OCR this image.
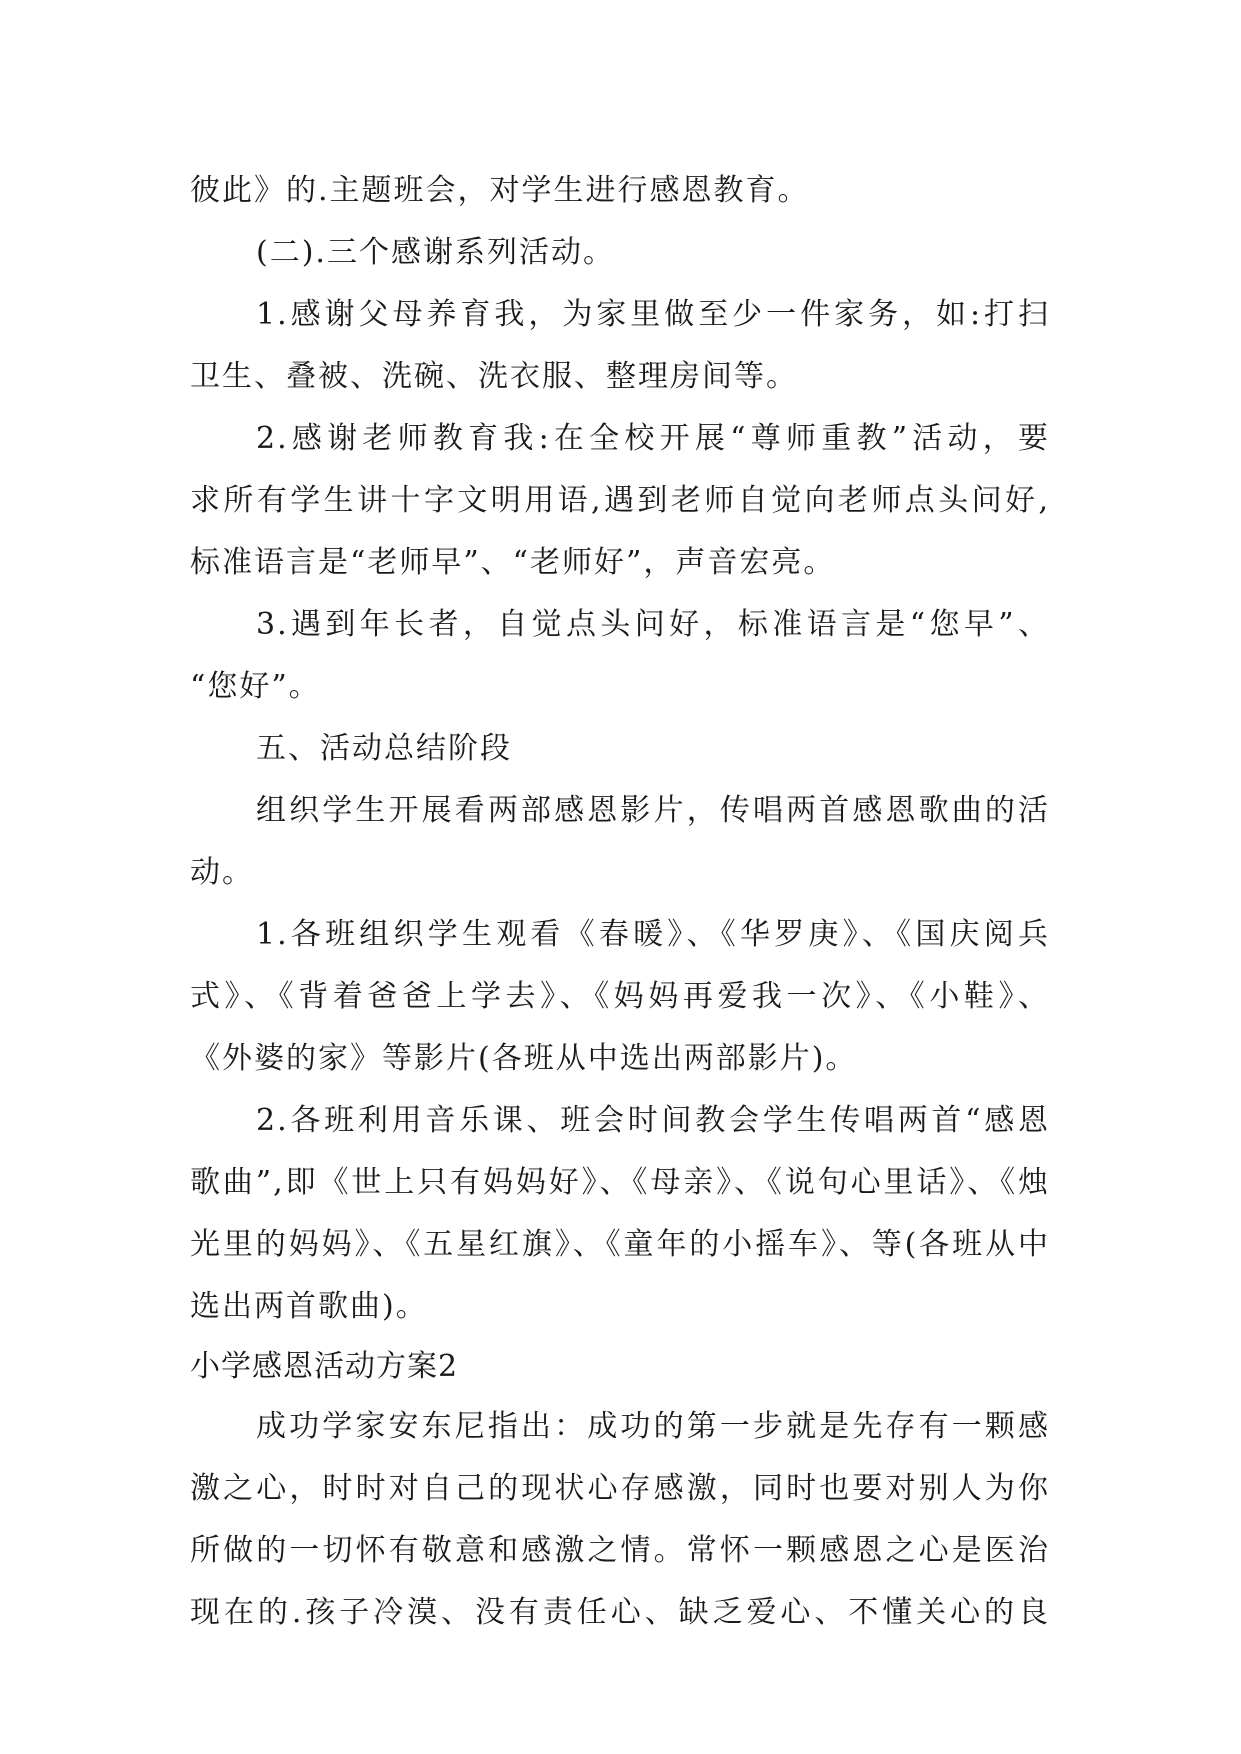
彼此》的.主题班会，对学生进行感恩教育。
(二).三个感谢系列活动。
1.感谢父母养育我，为家里做至少一件家务，如:打扫
卫生、叠被、洗碗、洗衣服、整理房间等。
2.感谢老师教育我:在全校开展“尊师重教”活动，要
求所有学生讲十字文明用语,遇到老师自觉向老师点头问好,
标准语言是“老师早”、“老师好”，声音宏亮。
3.遇到年长者，自觉点头问好，标准语言是“您早”、
“您好”。
五、活动总结阶段
组织学生开展看两部感恩影片，传唱两首感恩歌曲的活
动。
1.各班组织学生观看《春暖》、《华罗庚》、《国庆阅兵
式》、《背着爸爸上学去》、《妈妈再爱我一次》、《小鞋》、
《外婆的家》等影片(各班从中选出两部影片)。
2.各班利用音乐课、班会时间教会学生传唱两首“感恩
歌曲”,即《世上只有妈妈好》、《母亲》、《说句心里话》、《烛
光里的妈妈》、《五星红旗》、《童年的小摇车》、等(各班从中
选出两首歌曲)。
小学感恩活动方案2
成功学家安东尼指出：成功的第一步就是先存有一颗感
激之心，时时对自己的现状心存感激，同时也要对别人为你
所做的一切怀有敬意和感激之情。常怀一颗感恩之心是医治
现在的.孩子冷漠、没有责任心、缺乏爱心、不懂关心的良
